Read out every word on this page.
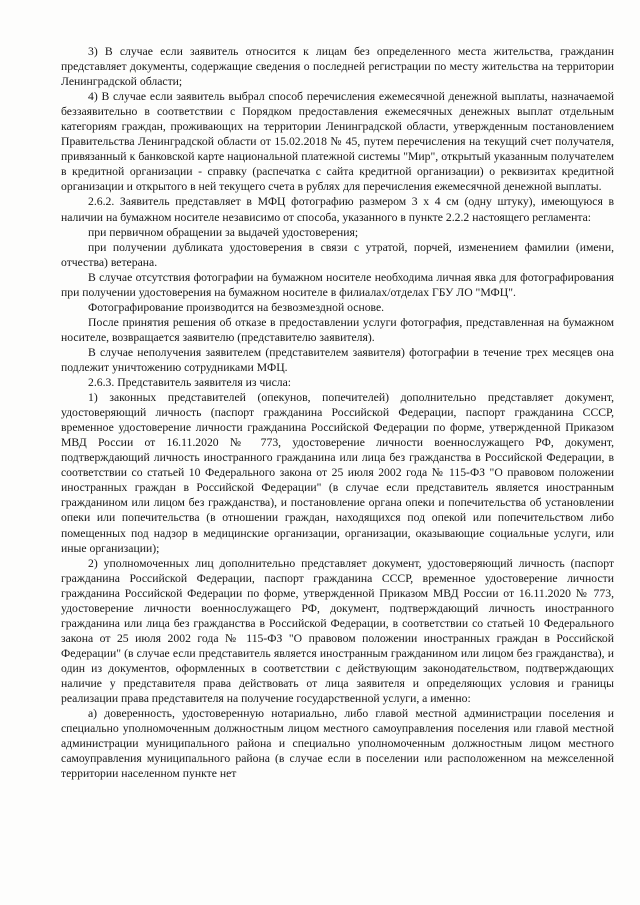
3) В случае если заявитель относится к лицам без определенного места жительства, гражданин представляет документы, содержащие сведения о последней регистрации по месту жительства на территории Ленинградской области;

4) В случае если заявитель выбрал способ перечисления ежемесячной денежной выплаты, назначаемой беззаявительно в соответствии с Порядком предоставления ежемесячных денежных выплат отдельным категориям граждан, проживающих на территории Ленинградской области, утвержденным постановлением Правительства Ленинградской области от 15.02.2018 № 45, путем перечисления на текущий счет получателя, привязанный к банковской карте национальной платежной системы "Мир", открытый указанным получателем в кредитной организации - справку (распечатка с сайта кредитной организации) о реквизитах кредитной организации и открытого в ней текущего счета в рублях для перечисления ежемесячной денежной выплаты.

2.6.2. Заявитель представляет в МФЦ фотографию размером 3 х 4 см (одну штуку), имеющуюся в наличии на бумажном носителе независимо от способа, указанного в пункте 2.2.2 настоящего регламента:

при первичном обращении за выдачей удостоверения;

при получении дубликата удостоверения в связи с утратой, порчей, изменением фамилии (имени, отчества) ветерана.

В случае отсутствия фотографии на бумажном носителе необходима личная явка для фотографирования при получении удостоверения на бумажном носителе в филиалах/отделах ГБУ ЛО "МФЦ".

Фотографирование производится на безвозмездной основе.

После принятия решения об отказе в предоставлении услуги фотография, представленная на бумажном носителе, возвращается заявителю (представителю заявителя).

В случае неполучения заявителем (представителем заявителя) фотографии в течение трех месяцев она подлежит уничтожению сотрудниками МФЦ.

2.6.3. Представитель заявителя из числа:

1) законных представителей (опекунов, попечителей) дополнительно представляет документ, удостоверяющий личность (паспорт гражданина Российской Федерации, паспорт гражданина СССР, временное удостоверение личности гражданина Российской Федерации по форме, утвержденной Приказом МВД России от 16.11.2020 № 773, удостоверение личности военнослужащего РФ, документ, подтверждающий личность иностранного гражданина или лица без гражданства в Российской Федерации, в соответствии со статьей 10 Федерального закона от 25 июля 2002 года № 115-ФЗ "О правовом положении иностранных граждан в Российской Федерации" (в случае если представитель является иностранным гражданином или лицом без гражданства), и постановление органа опеки и попечительства об установлении опеки или попечительства (в отношении граждан, находящихся под опекой или попечительством либо помещенных под надзор в медицинские организации, организации, оказывающие социальные услуги, или иные организации);

2) уполномоченных лиц дополнительно представляет документ, удостоверяющий личность (паспорт гражданина Российской Федерации, паспорт гражданина СССР, временное удостоверение личности гражданина Российской Федерации по форме, утвержденной Приказом МВД России от 16.11.2020 № 773, удостоверение личности военнослужащего РФ, документ, подтверждающий личность иностранного гражданина или лица без гражданства в Российской Федерации, в соответствии со статьей 10 Федерального закона от 25 июля 2002 года № 115-ФЗ "О правовом положении иностранных граждан в Российской Федерации" (в случае если представитель является иностранным гражданином или лицом без гражданства), и один из документов, оформленных в соответствии с действующим законодательством, подтверждающих наличие у представителя права действовать от лица заявителя и определяющих условия и границы реализации права представителя на получение государственной услуги, а именно:

а) доверенность, удостоверенную нотариально, либо главой местной администрации поселения и специально уполномоченным должностным лицом местного самоуправления поселения или главой местной администрации муниципального района и специально уполномоченным должностным лицом местного самоуправления муниципального района (в случае если в поселении или расположенном на межселенной территории населенном пункте нет
